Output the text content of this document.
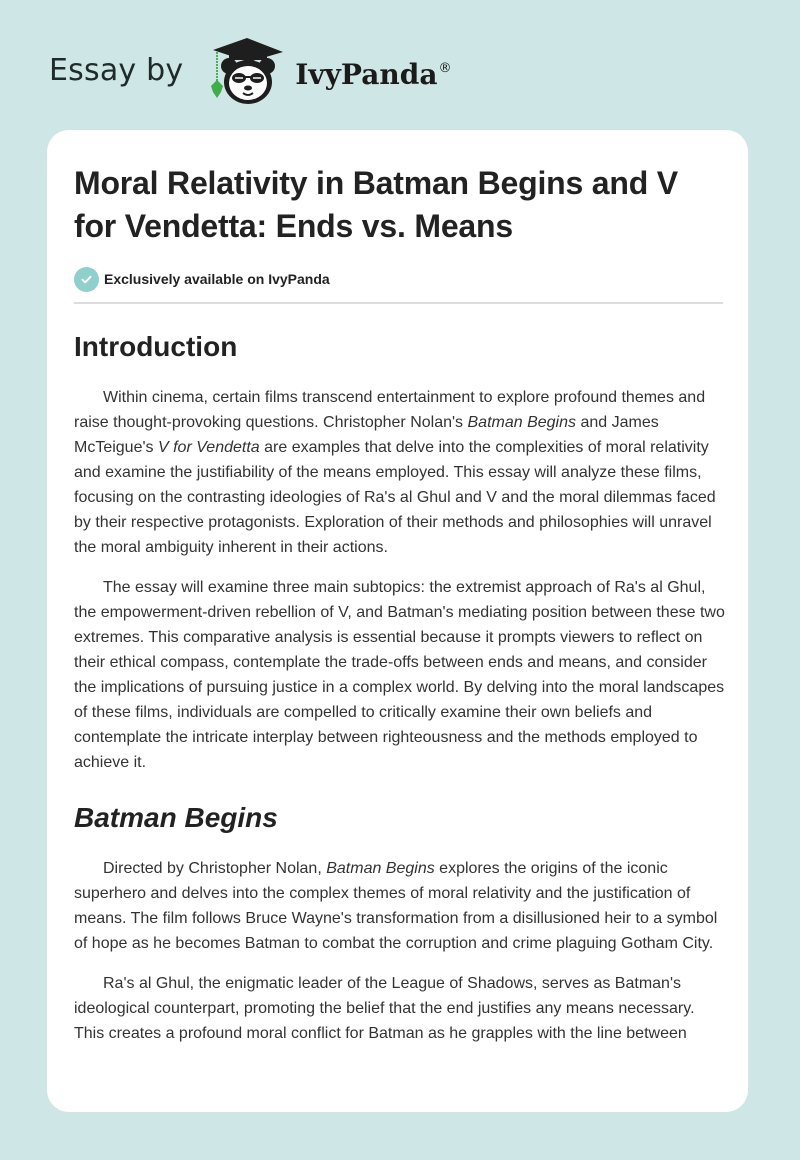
Essay by	IvyPanda ®
Moral Relativity in Batman Begins and V for Vendetta: Ends vs. Means
Exclusively available on IvyPanda
Introduction

Within cinema, certain films transcend entertainment to explore profound themes and raise thought-provoking questions. Christopher Nolan's Batman Begins and James McTeigue's V for Vendetta are examples that delve into the complexities of moral relativity and examine the justifiability of the means employed. This essay will analyze these films, focusing on the contrasting ideologies of Ra's al Ghul and V and the moral dilemmas faced by their respective protagonists. Exploration of their methods and philosophies will unravel the moral ambiguity inherent in their actions.

The essay will examine three main subtopics: the extremist approach of Ra's al Ghul, the empowerment-driven rebellion of V, and Batman's mediating position between these two extremes. This comparative analysis is essential because it prompts viewers to reflect on their ethical compass, contemplate the trade-offs between ends and means, and consider the implications of pursuing justice in a complex world. By delving into the moral landscapes of these films, individuals are compelled to critically examine their own beliefs and contemplate the intricate interplay between righteousness and the methods employed to achieve it.

Batman Begins

Directed by Christopher Nolan, Batman Begins explores the origins of the iconic superhero and delves into the complex themes of moral relativity and the justification of means. The film follows Bruce Wayne's transformation from a disillusioned heir to a symbol of hope as he becomes Batman to combat the corruption and crime plaguing Gotham City.

Ra's al Ghul, the enigmatic leader of the League of Shadows, serves as Batman's ideological counterpart, promoting the belief that the end justifies any means necessary. This creates a profound moral conflict for Batman as he grapples with the line between
